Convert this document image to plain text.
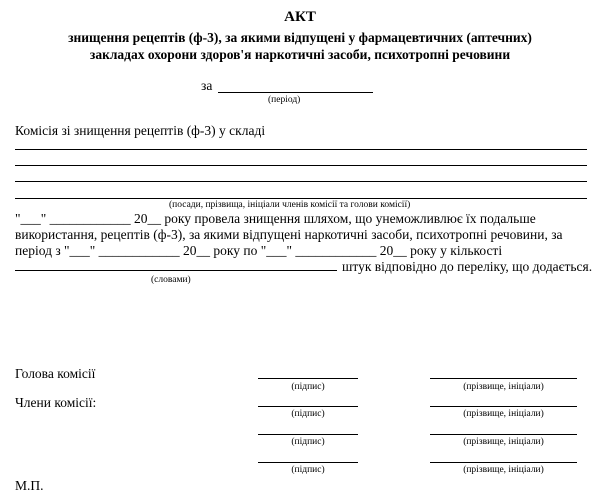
АКТ
знищення рецептів (ф-3), за якими відпущені у фармацевтичних (аптечних)
закладах охорони здоров'я наркотичні засоби, психотропні речовини
за
(період)
Комісія зі знищення рецептів (ф-3) у складі
(посади, прізвища, ініціали членів комісії та голови комісії)
"___" ____________ 20__ року провела знищення шляхом, що унеможливлює їх подальше
використання, рецептів (ф-3), за якими відпущені наркотичні засоби, психотропні речовини, за
період з "___" ____________ 20__ року по "___" ____________ 20__ року у кількості
штук відповідно до переліку, що додається.
(словами)
Голова комісії
(підпис)	(прізвище, ініціали)
Члени комісії:
(підпис)	(прізвище, ініціали)
(підпис)	(прізвище, ініціали)
(підпис)	(прізвище, ініціали)
М.П.
